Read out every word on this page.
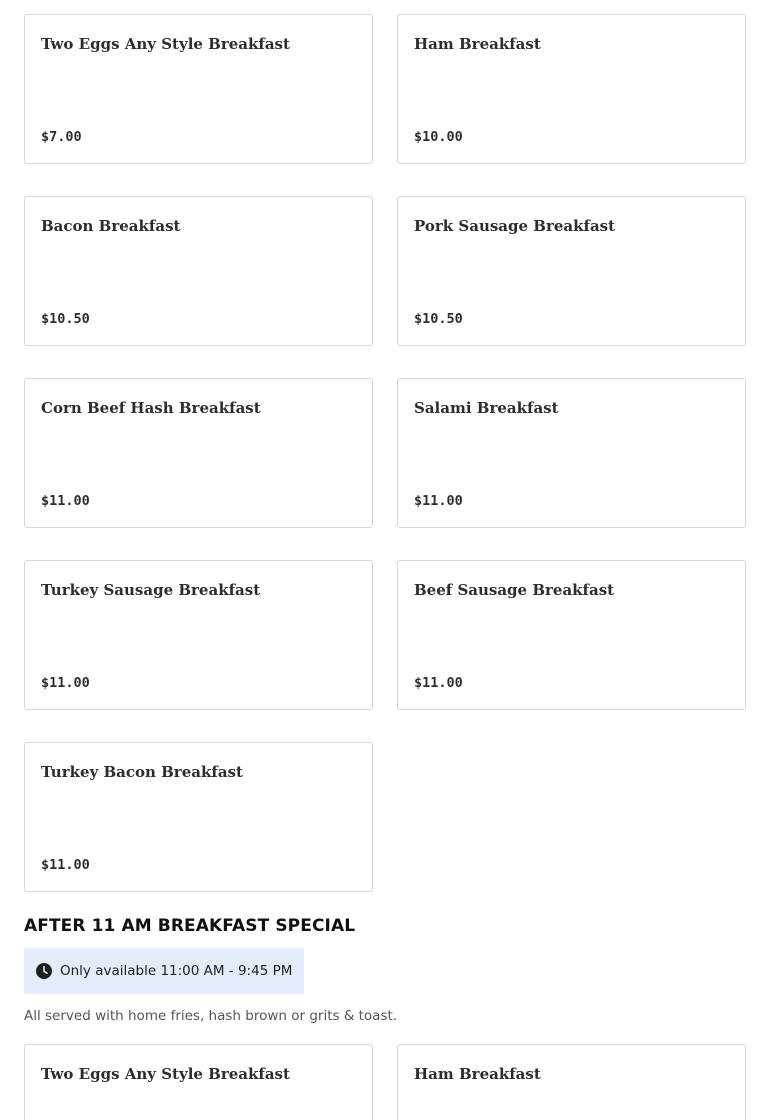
Two Eggs Any Style Breakfast
$7.00
Ham Breakfast
$10.00
Bacon Breakfast
$10.50
Pork Sausage Breakfast
$10.50
Corn Beef Hash Breakfast
$11.00
Salami Breakfast
$11.00
Turkey Sausage Breakfast
$11.00
Beef Sausage Breakfast
$11.00
Turkey Bacon Breakfast
$11.00
AFTER 11 AM BREAKFAST SPECIAL
Only available 11:00 AM - 9:45 PM
All served with home fries, hash brown or grits & toast.
Two Eggs Any Style Breakfast	Ham Breakfast
